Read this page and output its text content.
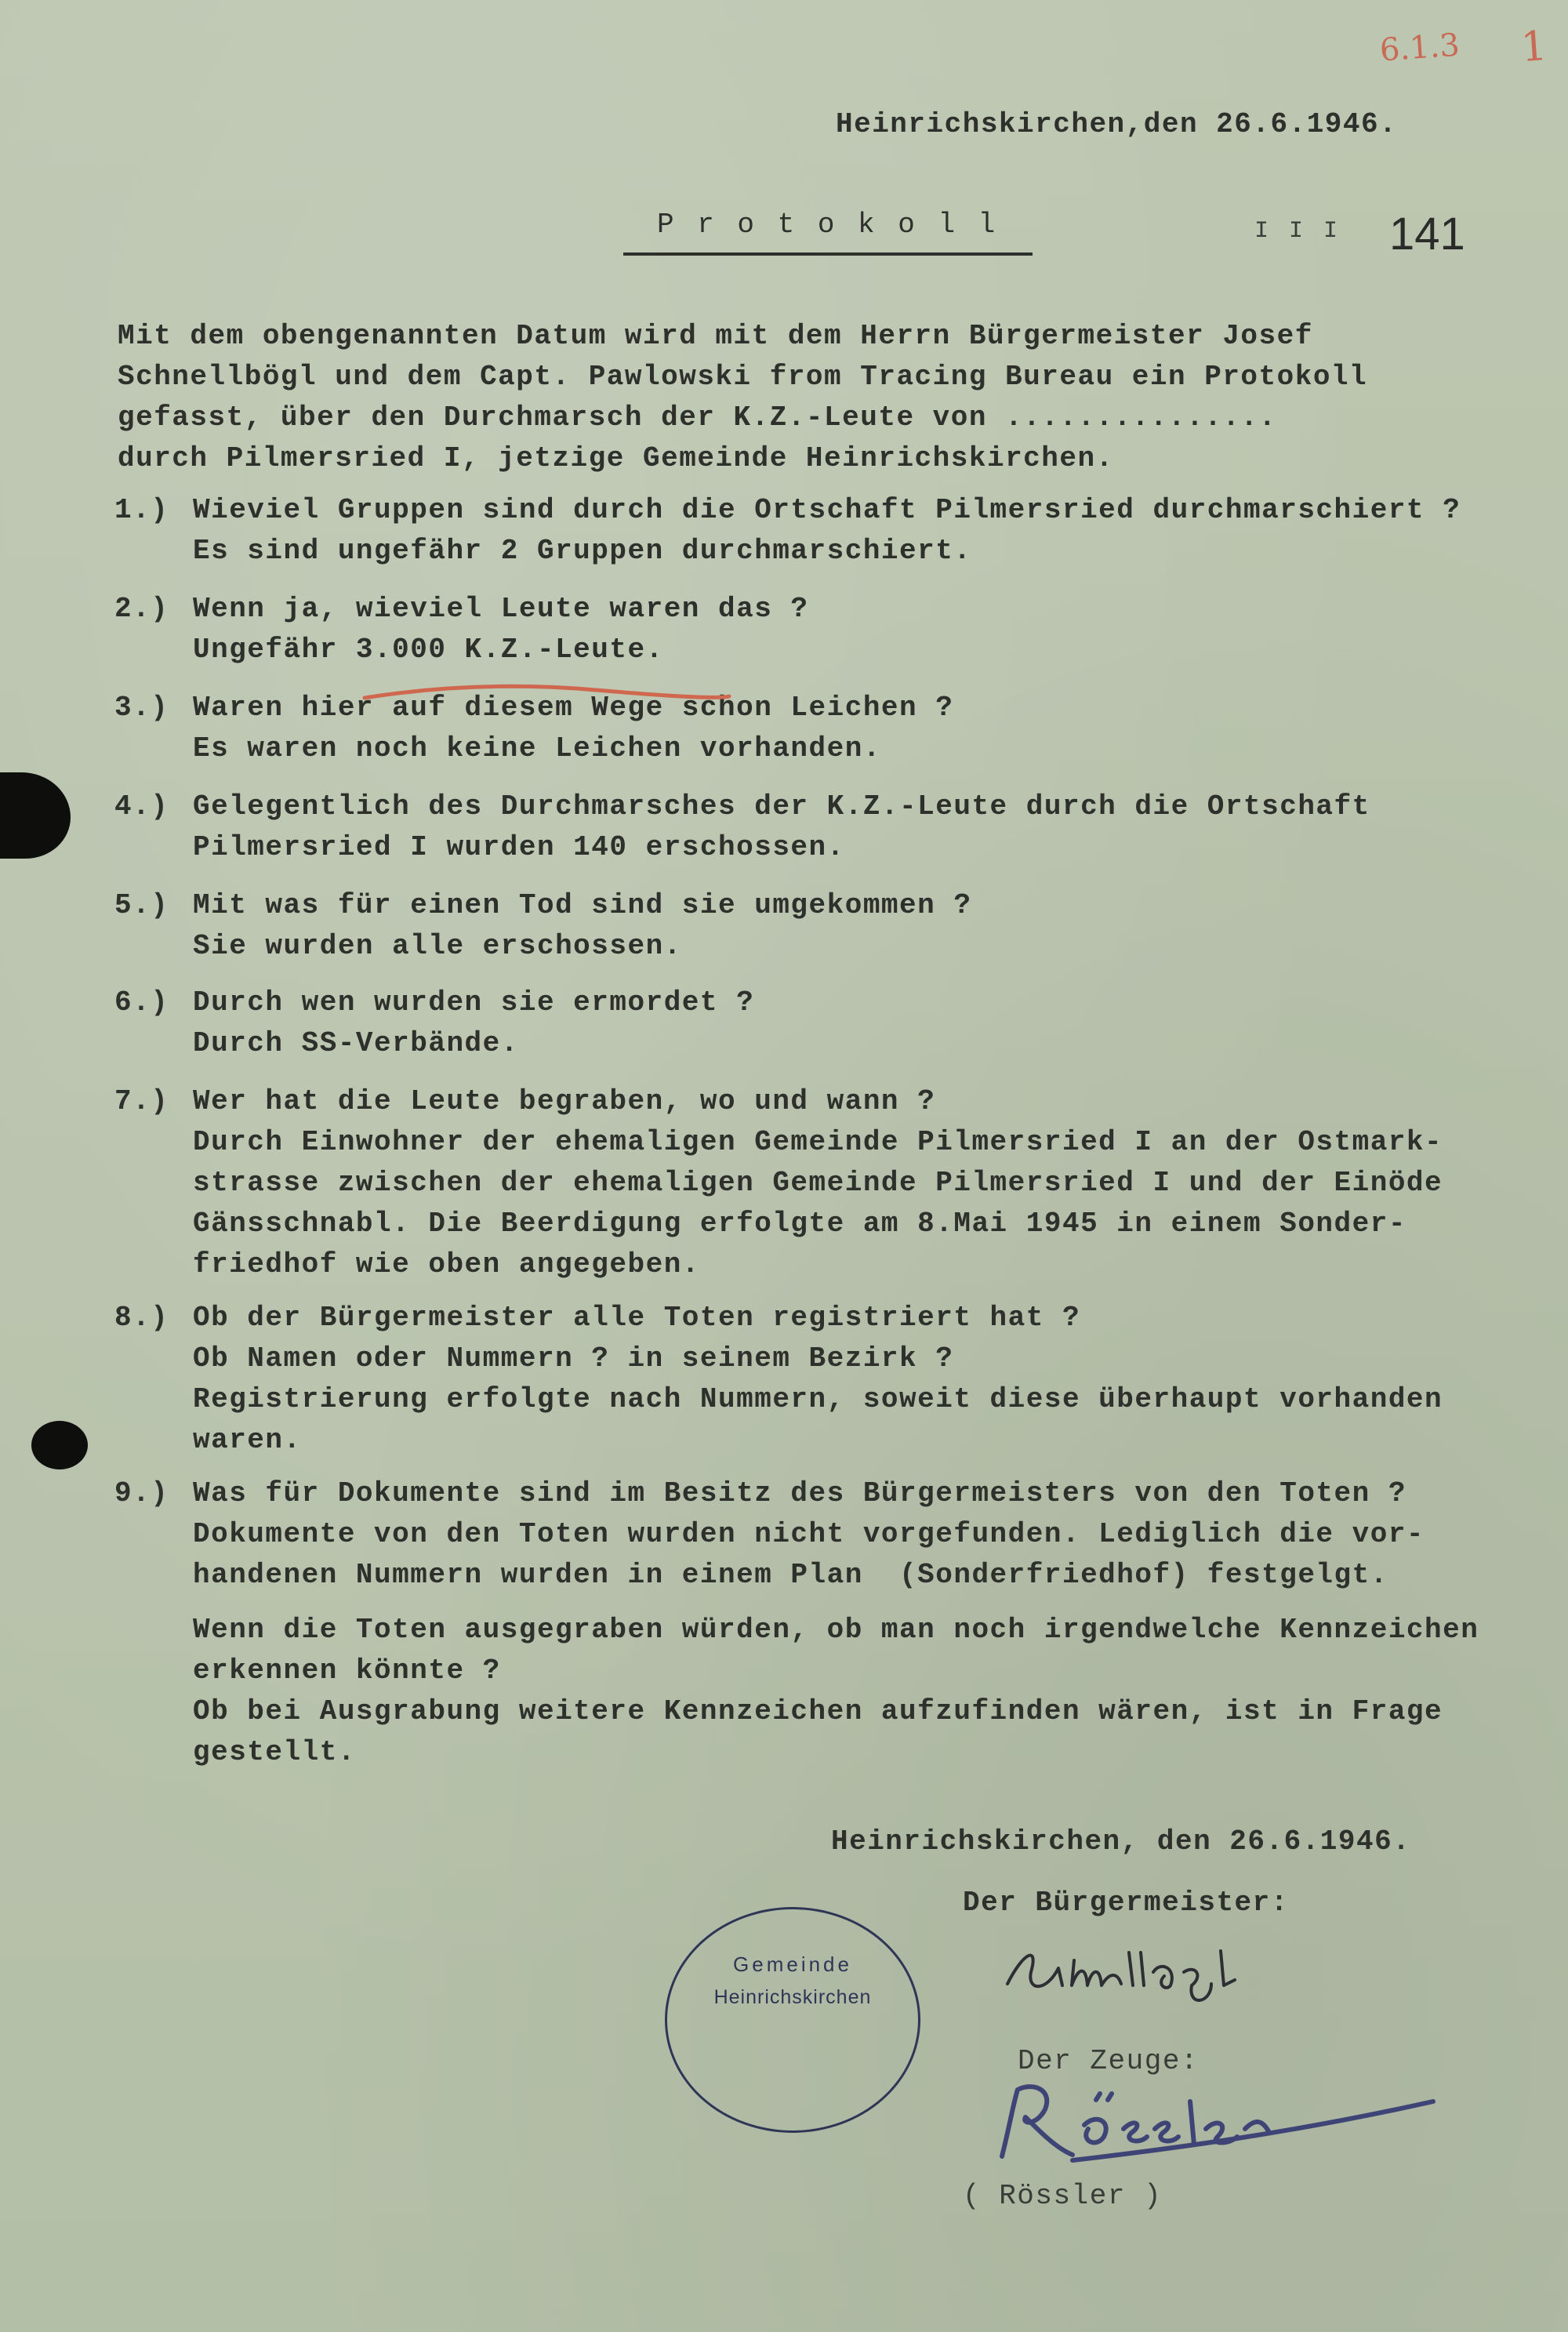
6.1.3 1
I I I 141
Heinrichskirchen,den 26.6.1946.
P r o t o k o l l
Mit dem obengenannten Datum wird mit dem Herrn Bürgermeister Josef
Schnellbögl und dem Capt. Pawlowski from Tracing Bureau ein Protokoll
gefasst, über den Durchmarsch der K.Z.-Leute von ...............
durch Pilmersried I, jetzige Gemeinde Heinrichskirchen.
1.) Wieviel Gruppen sind durch die Ortschaft Pilmersried durchmarschiert ?
Es sind ungefähr 2 Gruppen durchmarschiert.
2.) Wenn ja, wieviel Leute waren das ?
Ungefähr 3.000 K.Z.-Leute.
3.) Waren hier auf diesem Wege schon Leichen ?
Es waren noch keine Leichen vorhanden.
4.) Gelegentlich des Durchmarsches der K.Z.-Leute durch die Ortschaft
Pilmersried I wurden 140 erschossen.
5.) Mit was für einen Tod sind sie umgekommen ?
Sie wurden alle erschossen.
6.) Durch wen wurden sie ermordet ?
Durch SS-Verbände.
7.) Wer hat die Leute begraben, wo und wann ?
Durch Einwohner der ehemaligen Gemeinde Pilmersried I an der Ostmark-
strasse zwischen der ehemaligen Gemeinde Pilmersried I und der Einöde
Gänsschnabl. Die Beerdigung erfolgte am 8.Mai 1945 in einem Sonder-
friedhof wie oben angegeben.
8.) Ob der Bürgermeister alle Toten registriert hat ?
Ob Namen oder Nummern ? in seinem Bezirk ?
Registrierung erfolgte nach Nummern, soweit diese überhaupt vorhanden
waren.
9.) Was für Dokumente sind im Besitz des Bürgermeisters von den Toten ?
Dokumente von den Toten wurden nicht vorgefunden. Lediglich die vor-
handenen Nummern wurden in einem Plan  (Sonderfriedhof) festgelgt.
Wenn die Toten ausgegraben würden, ob man noch irgendwelche Kennzeichen
erkennen könnte ?
Ob bei Ausgrabung weitere Kennzeichen aufzufinden wären, ist in Frage
gestellt.
Heinrichskirchen, den 26.6.1946.
Der Bürgermeister:
Gemeinde
Heinrichskirchen
Der Zeuge:
( Rössler )
